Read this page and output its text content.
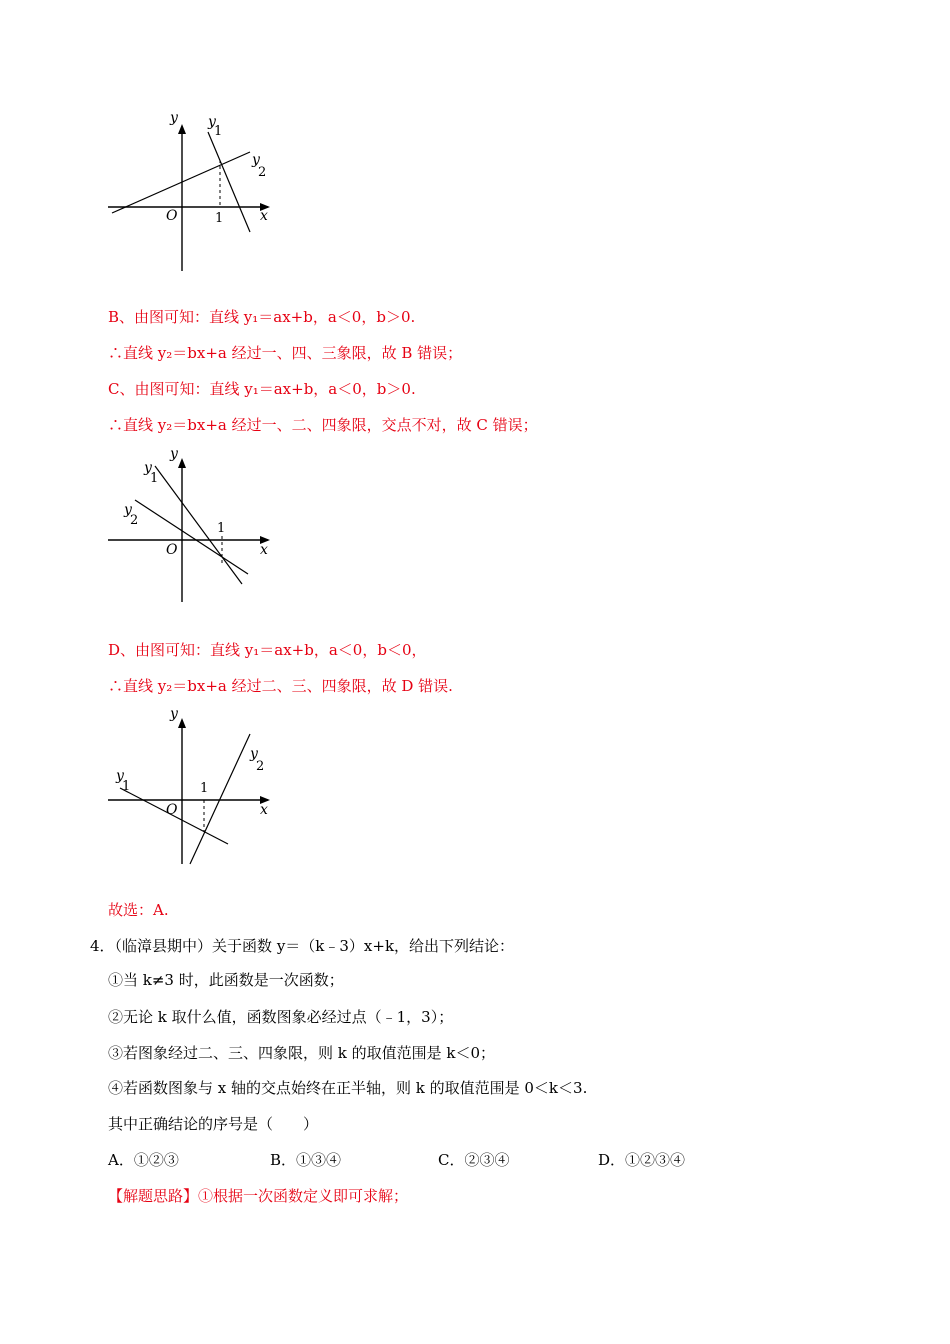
y
x
O	1
y
1
y
2
B、由图可知：直线 y₁＝ax+b，a＜0，b＞0.
∴直线 y₂＝bx+a 经过一、四、三象限，故 B 错误；
C、由图可知：直线 y₁＝ax+b，a＜0，b＞0.
∴直线 y₂＝bx+a 经过一、二、四象限，交点不对，故 C 错误；
y
x
O
1
y
1
y
2
D、由图可知：直线 y₁＝ax+b，a＜0，b＜0，
∴直线 y₂＝bx+a 经过二、三、四象限，故 D 错误.
y
x
O
1
y
1
y
2
故选：A.
4．（临漳县期中）关于函数 y＝（k﹣3）x+k，给出下列结论：
①当 k≠3 时，此函数是一次函数；
②无论 k 取什么值，函数图象必经过点（﹣1，3）；
③若图象经过二、三、四象限，则 k 的取值范围是 k＜0；
④若函数图象与 x 轴的交点始终在正半轴，则 k 的取值范围是 0＜k＜3.
其中正确结论的序号是（　　）
A．①②③	B．①③④	C．②③④	D．①②③④
【解题思路】①根据一次函数定义即可求解；
